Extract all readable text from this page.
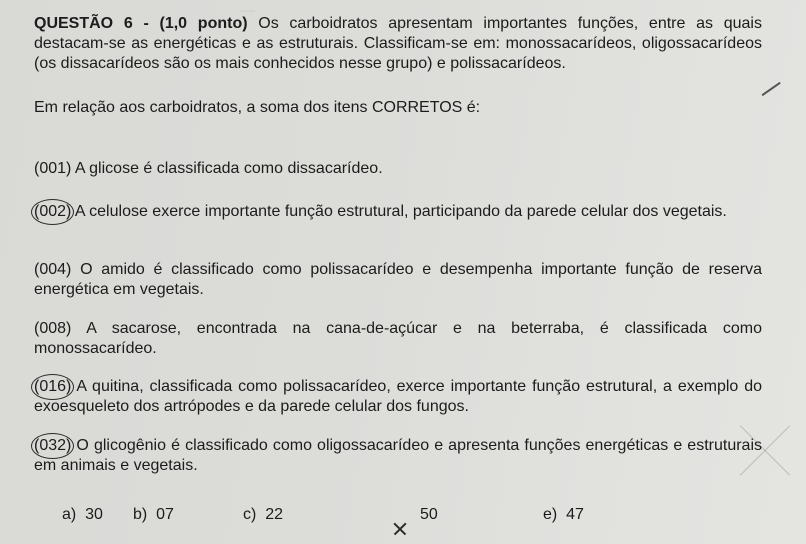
―
QUESTÃO 6 - (1,0 ponto) Os carboidratos apresentam importantes funções, entre as quais destacam-se as energéticas e as estruturais. Classificam-se em: monossacarídeos, oligossacarídeos (os dissacarídeos são os mais conhecidos nesse grupo) e polissacarídeos.
Em relação aos carboidratos, a soma dos itens CORRETOS é:
(001) A glicose é classificada como dissacarídeo.
(002) A celulose exerce importante função estrutural, participando da parede celular dos vegetais.
(004) O amido é classificado como polissacarídeo e desempenha importante função de reserva energética em vegetais.
(008) A sacarose, encontrada na cana-de-açúcar e na beterraba, é classificada como monossacarídeo.
(016) A quitina, classificada como polissacarídeo, exerce importante função estrutural, a exemplo do exoesqueleto dos artrópodes e da parede celular dos fungos.
(032) O glicogênio é classificado como oligossacarídeo e apresenta funções energéticas e estruturais em animais e vegetais.
a) 30 b) 07	c) 22	50	e) 47
